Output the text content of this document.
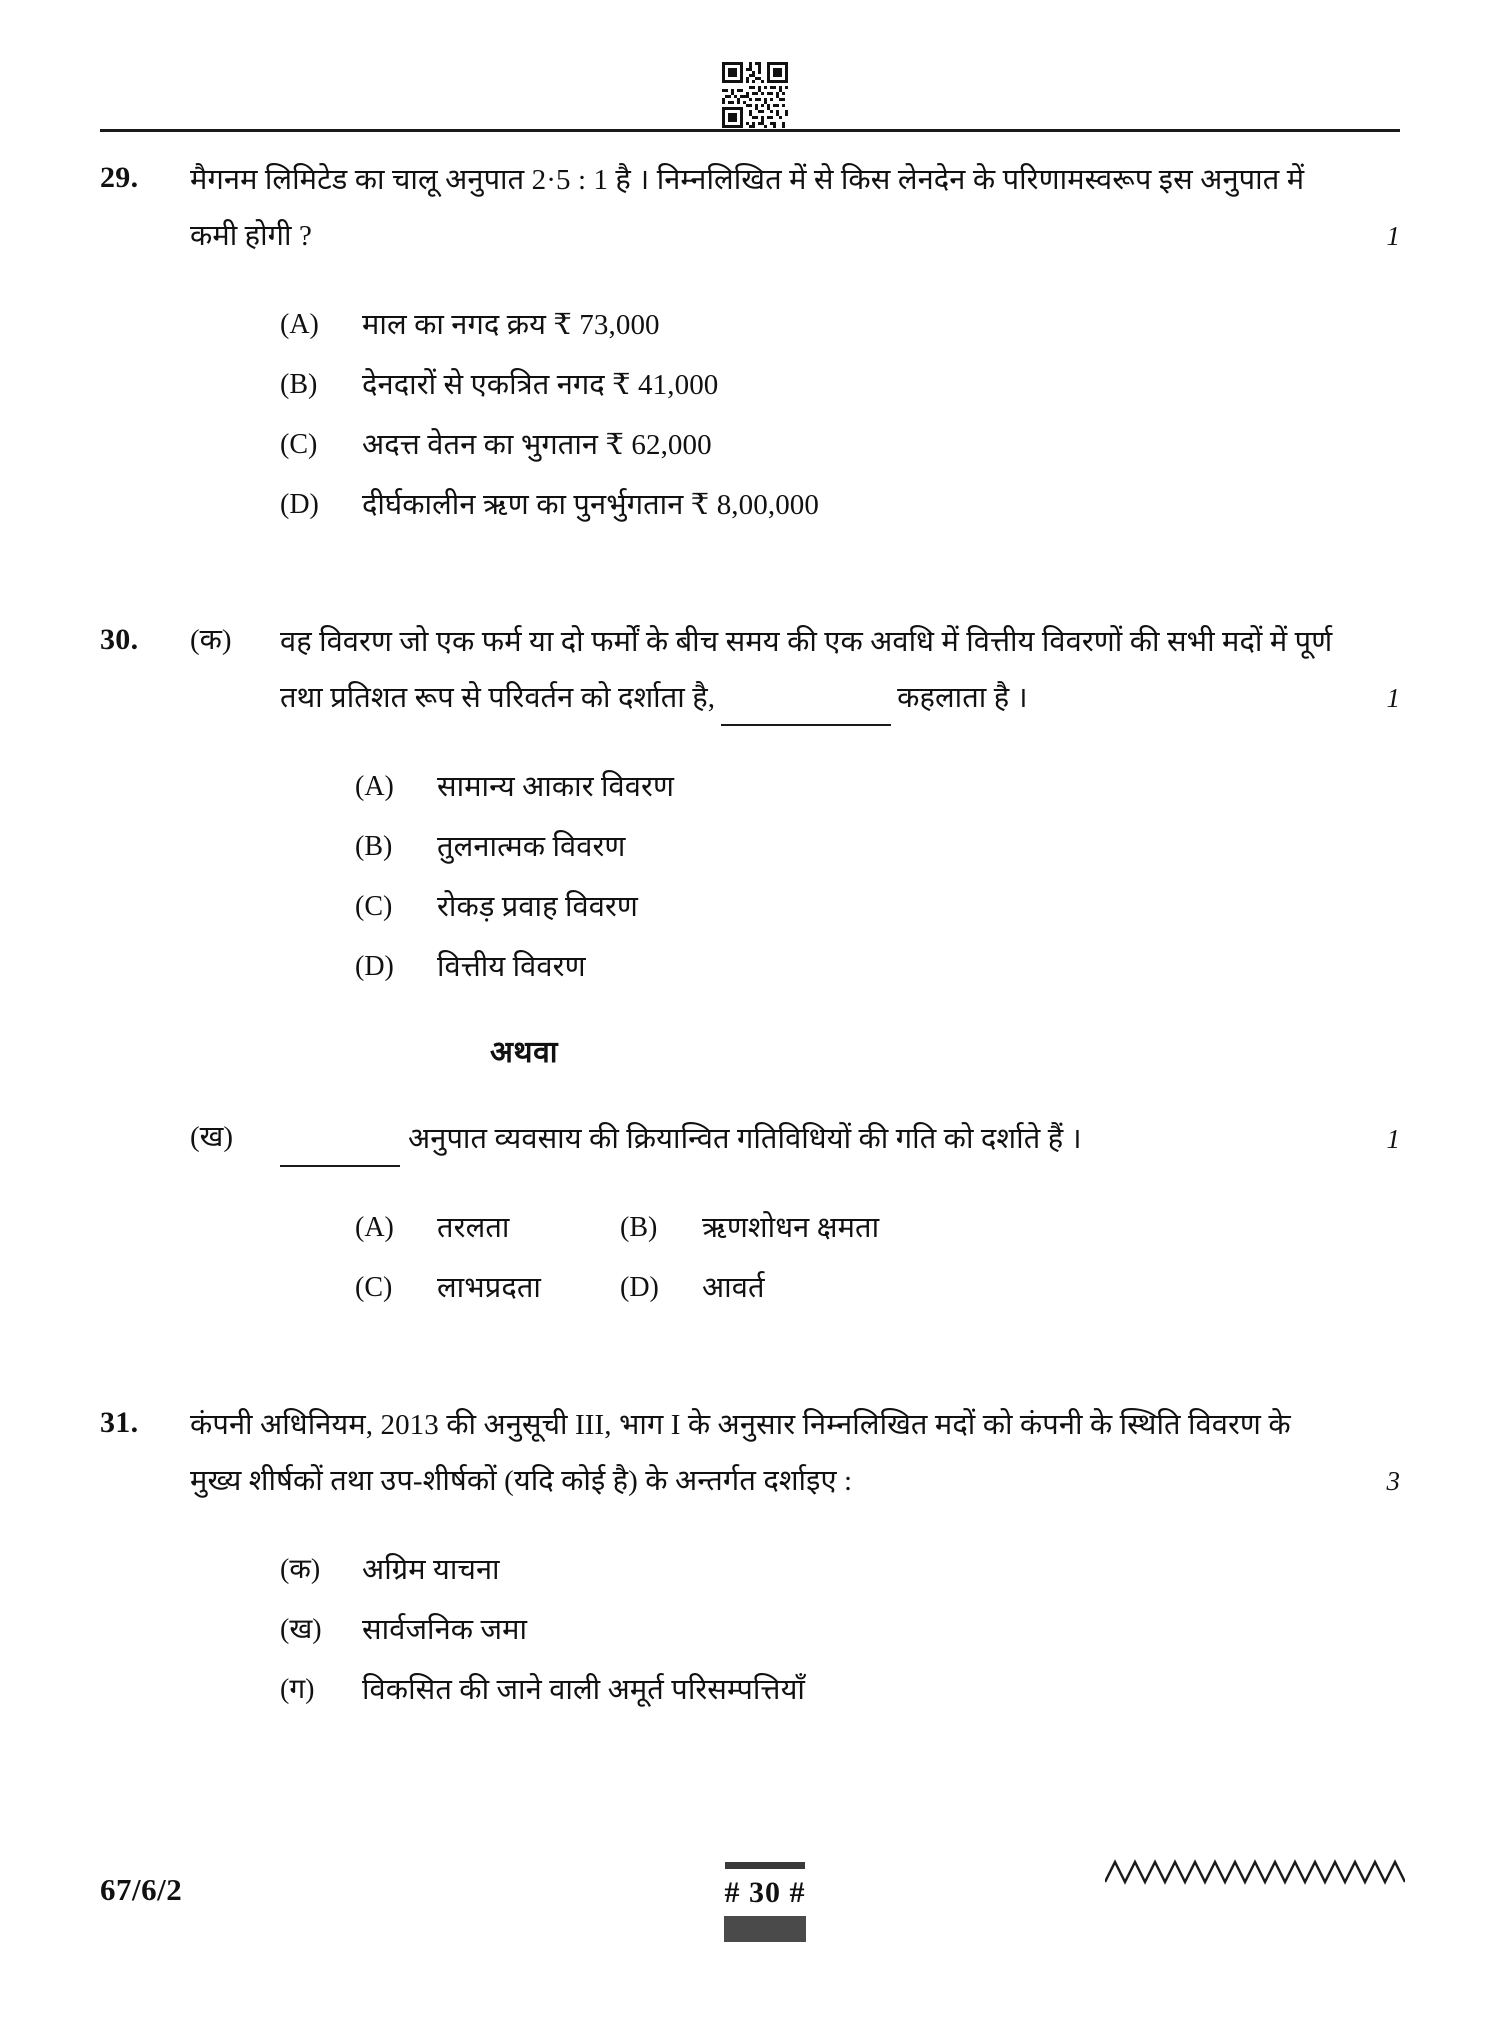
29.	मैगनम लिमिटेड का चालू अनुपात 2·5 : 1 है । निम्नलिखित में से किस लेनदेन के परिणामस्वरूप इस अनुपात में कमी होगी ?	1
(A)	माल का नगद क्रय ₹ 73,000
(B)	देनदारों से एकत्रित नगद ₹ 41,000
(C)	अदत्त वेतन का भुगतान ₹ 62,000
(D)	दीर्घकालीन ऋण का पुनर्भुगतान ₹ 8,00,000
30.	(क)	वह विवरण जो एक फर्म या दो फर्मों के बीच समय की एक अवधि में वित्तीय विवरणों की सभी मदों में पूर्ण तथा प्रतिशत रूप से परिवर्तन को दर्शाता है,	कहलाता है ।	1
(A)	सामान्य आकार विवरण
(B)	तुलनात्मक विवरण
(C)	रोकड़ प्रवाह विवरण
(D)	वित्तीय विवरण
अथवा
(ख)	अनुपात व्यवसाय की क्रियान्वित गतिविधियों की गति को दर्शाते हैं ।	1
(A)	तरलता	(B)	ऋणशोधन क्षमता
(C)	लाभप्रदता	(D)	आवर्त
31.	कंपनी अधिनियम, 2013 की अनुसूची III, भाग I के अनुसार निम्नलिखित मदों को कंपनी के स्थिति विवरण के मुख्य शीर्षकों तथा उप-शीर्षकों (यदि कोई है) के अन्तर्गत दर्शाइए :	3
(क)	अग्रिम याचना
(ख)	सार्वजनिक जमा
(ग)	विकसित की जाने वाली अमूर्त परिसम्पत्तियाँ
67/6/2	# 30 #
